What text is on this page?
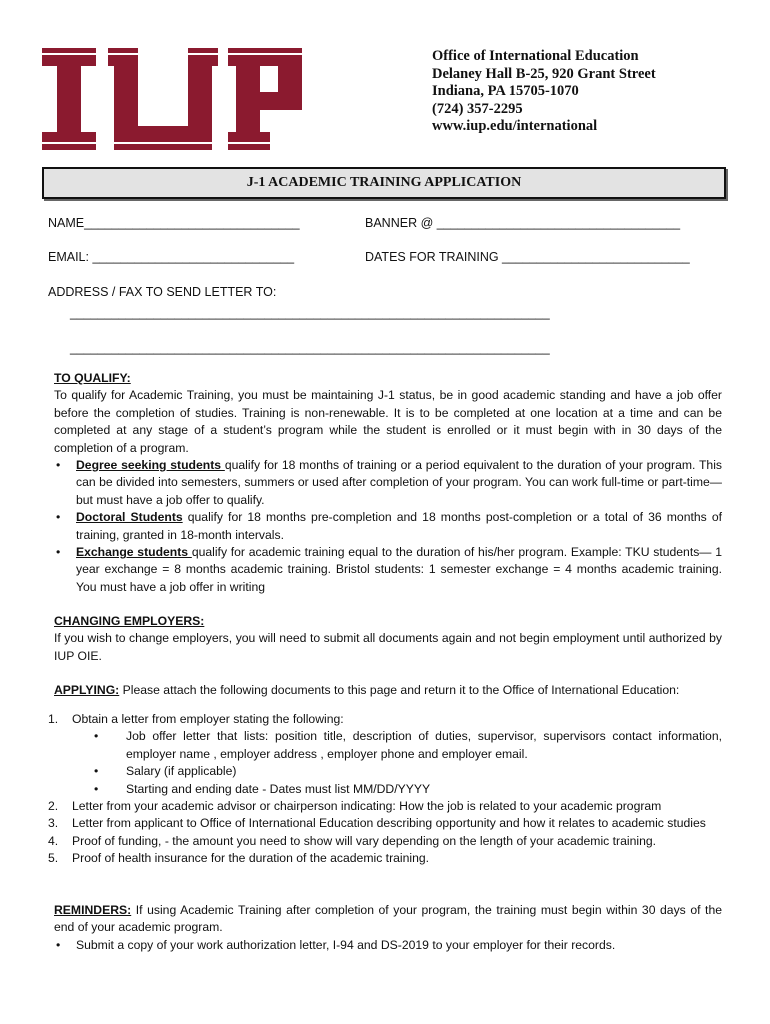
Office of International Education
Delaney Hall B-25, 920 Grant Street
Indiana, PA 15705-1070
(724) 357-2295
www.iup.edu/international
J-1 ACADEMIC TRAINING APPLICATION
NAME_______________________________	BANNER @ ___________________________________
EMAIL: _____________________________	DATES FOR TRAINING ___________________________
ADDRESS / FAX TO SEND LETTER TO:
_____________________________________________________________________
_____________________________________________________________________
TO QUALIFY:
To qualify for Academic Training, you must be maintaining J-1 status, be in good academic standing and have a job offer before the completion of studies. Training is non-renewable. It is to be completed at one location at a time and can be completed at any stage of a student’s program while the student is enrolled or it must begin with in 30 days of the completion of a program.
• Degree seeking students qualify for 18 months of training or a period equivalent to the duration of your program. This can be divided into semesters, summers or used after completion of your program. You can work full-time or part-time—but must have a job offer to qualify.
• Doctoral Students qualify for 18 months pre-completion and 18 months post-completion or a total of 36 months of training, granted in 18-month intervals.
• Exchange students qualify for academic training equal to the duration of his/her program. Example: TKU students— 1 year exchange = 8 months academic training. Bristol students: 1 semester exchange = 4 months academic training. You must have a job offer in writing
CHANGING EMPLOYERS:
If you wish to change employers, you will need to submit all documents again and not begin employment until authorized by IUP OIE.
APPLYING: Please attach the following documents to this page and return it to the Office of International Education:
1. Obtain a letter from employer stating the following:
• Job offer letter that lists: position title, description of duties, supervisor, supervisors contact information, employer name , employer address , employer phone and employer email.
• Salary (if applicable)
• Starting and ending date - Dates must list MM/DD/YYYY
2. Letter from your academic advisor or chairperson indicating: How the job is related to your academic program
3. Letter from applicant to Office of International Education describing opportunity and how it relates to academic studies
4. Proof of funding, - the amount you need to show will vary depending on the length of your academic training.
5. Proof of health insurance for the duration of the academic training.
REMINDERS: If using Academic Training after completion of your program, the training must begin within 30 days of the end of your academic program.
• Submit a copy of your work authorization letter, I-94 and DS-2019 to your employer for their records.
